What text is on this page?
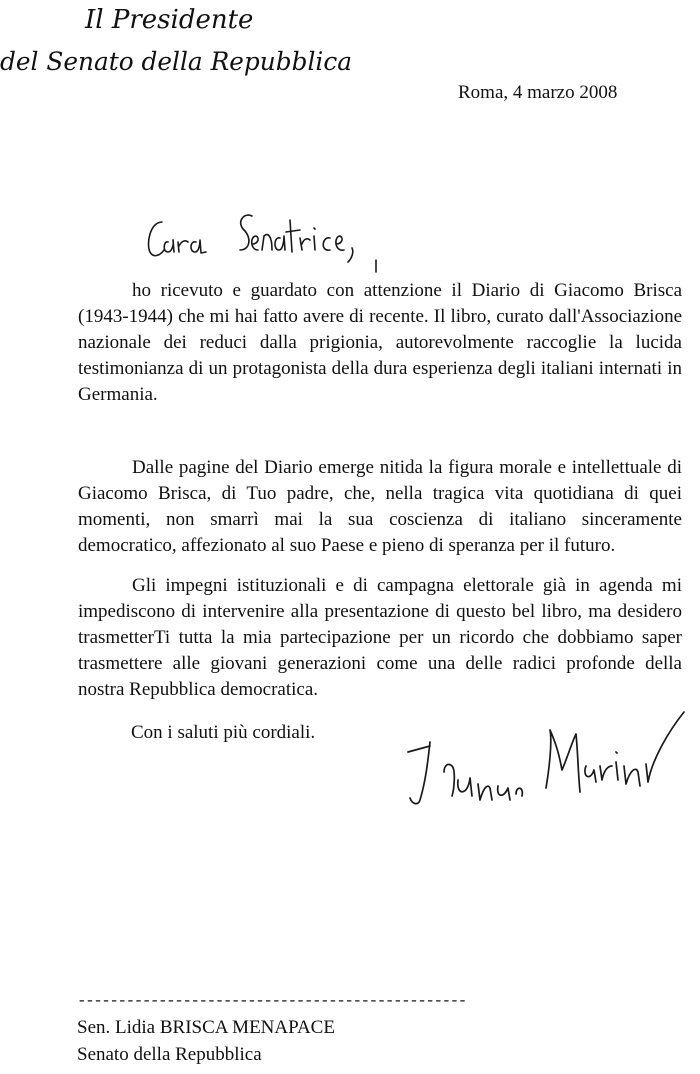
Il Presidente
del Senato della Repubblica
Roma, 4 marzo 2008

ho ricevuto e guardato con attenzione il Diario di Giacomo Brisca (1943-1944) che mi hai fatto avere di recente. Il libro, curato dall'Associazione nazionale dei reduci dalla prigionia, autorevolmente raccoglie la lucida testimonianza di un protagonista della dura esperienza degli italiani internati in Germania.

Dalle pagine del Diario emerge nitida la figura morale e intellettuale di Giacomo Brisca, di Tuo padre, che, nella tragica vita quotidiana di quei momenti, non smarrì mai la sua coscienza di italiano sinceramente democratico, affezionato al suo Paese e pieno di speranza per il futuro.

Gli impegni istituzionali e di campagna elettorale già in agenda mi impediscono di intervenire alla presentazione di questo bel libro, ma desidero trasmetterTi tutta la mia partecipazione per un ricordo che dobbiamo saper trasmettere alle giovani generazioni come una delle radici profonde della nostra Repubblica democratica.

Con i saluti più cordiali.
------------------------------------------------
Sen. Lidia BRISCA MENAPACE
Senato della Repubblica
